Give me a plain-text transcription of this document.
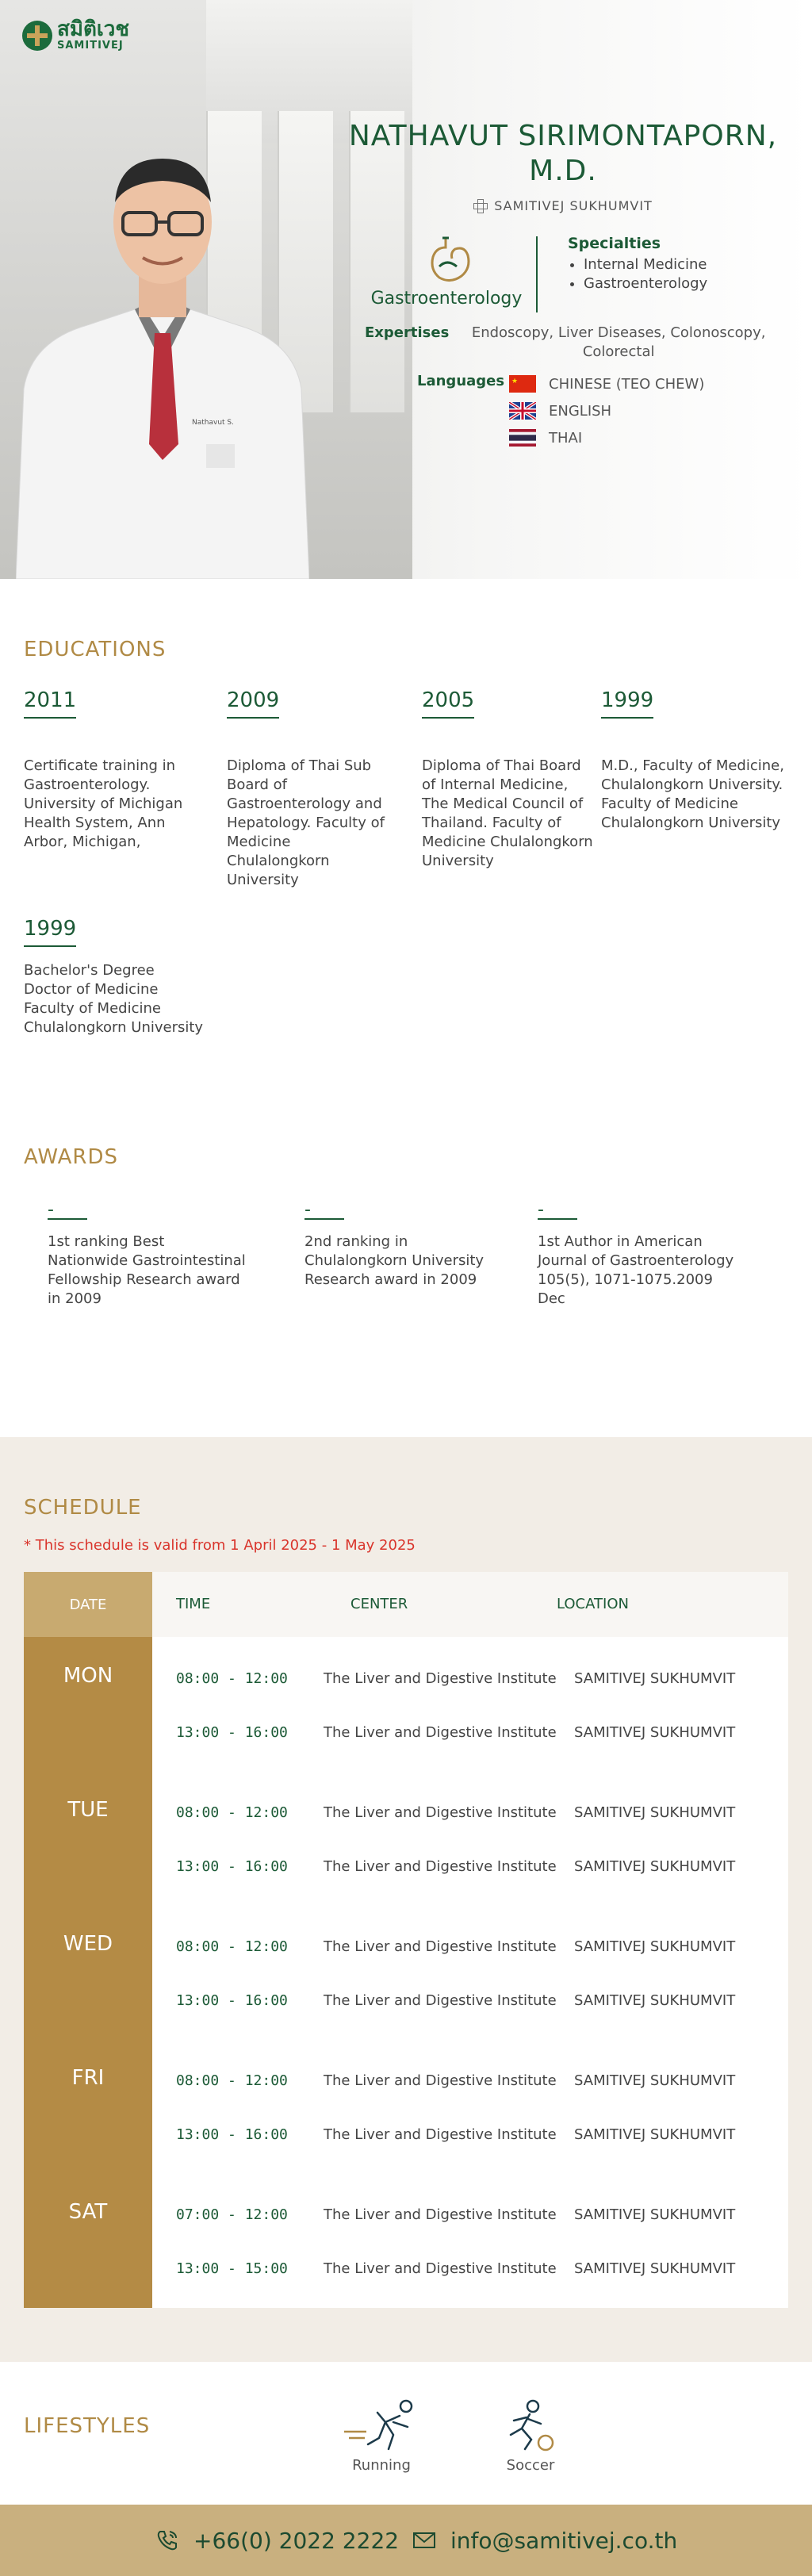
สมิติเวช
SAMITIVEJ
Nathavut S.
NATHAVUT SIRIMONTAPORN,
M.D.
SAMITIVEJ SUKHUMVIT
Gastroenterology
Specialties
• Internal Medicine
• Gastroenterology
Expertises	Endoscopy, Liver Diseases, Colonoscopy, Colorectal
Languages ★ CHINESE (TEO CHEW)
ENGLISH
THAI
EDUCATIONS
2011
Certificate training in Gastroenterology. University of Michigan Health System, Ann Arbor, Michigan,
2009
Diploma of Thai Sub Board of Gastroenterology and Hepatology. Faculty of Medicine Chulalongkorn University
2005
Diploma of Thai Board of Internal Medicine, The Medical Council of Thailand. Faculty of Medicine Chulalongkorn University
1999
M.D., Faculty of Medicine, Chulalongkorn University. Faculty of Medicine Chulalongkorn University
1999
Bachelor's Degree Doctor of Medicine Faculty of Medicine Chulalongkorn University
AWARDS
-
1st ranking Best Nationwide Gastrointestinal Fellowship Research award in 2009
-
2nd ranking in Chulalongkorn University Research award in 2009
-
1st Author in American Journal of Gastroenterology 105(5), 1071-1075.2009 Dec
SCHEDULE
* This schedule is valid from 1 April 2025 - 1 May 2025
DATE	TIME	CENTER	LOCATION
MON	08:00 - 12:00	The Liver and Digestive Institute SAMITIVEJ SUKHUMVIT
13:00 - 16:00	The Liver and Digestive Institute SAMITIVEJ SUKHUMVIT
TUE	08:00 - 12:00	The Liver and Digestive Institute SAMITIVEJ SUKHUMVIT
13:00 - 16:00	The Liver and Digestive Institute SAMITIVEJ SUKHUMVIT
WED	08:00 - 12:00	The Liver and Digestive Institute SAMITIVEJ SUKHUMVIT
13:00 - 16:00	The Liver and Digestive Institute SAMITIVEJ SUKHUMVIT
FRI	08:00 - 12:00	The Liver and Digestive Institute SAMITIVEJ SUKHUMVIT
13:00 - 16:00	The Liver and Digestive Institute SAMITIVEJ SUKHUMVIT
SAT	07:00 - 12:00	The Liver and Digestive Institute SAMITIVEJ SUKHUMVIT
13:00 - 15:00	The Liver and Digestive Institute SAMITIVEJ SUKHUMVIT
LIFESTYLES
Running	Soccer
+66(0) 2022 2222 info@samitivej.co.th
